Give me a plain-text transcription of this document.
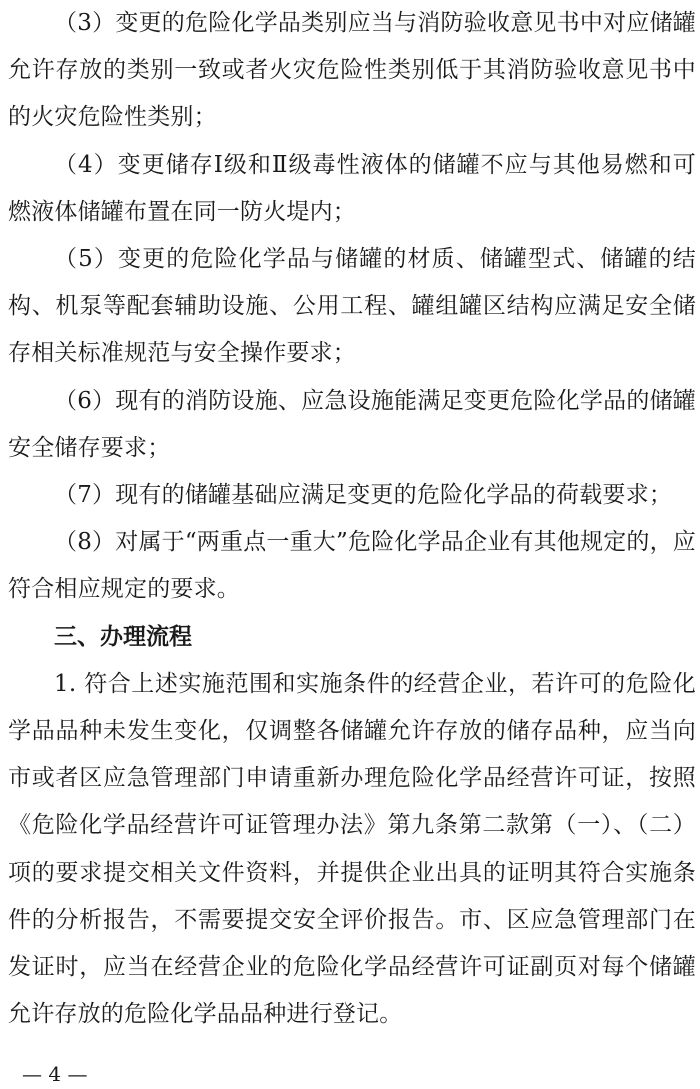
（3）变更的危险化学品类别应当与消防验收意见书中对应储罐允许存放的类别一致或者火灾危险性类别低于其消防验收意见书中的火灾危险性类别；

（4）变更储存Ⅰ级和Ⅱ级毒性液体的储罐不应与其他易燃和可燃液体储罐布置在同一防火堤内；

（5）变更的危险化学品与储罐的材质、储罐型式、储罐的结构、机泵等配套辅助设施、公用工程、罐组罐区结构应满足安全储存相关标准规范与安全操作要求；

（6）现有的消防设施、应急设施能满足变更危险化学品的储罐安全储存要求；

（7）现有的储罐基础应满足变更的危险化学品的荷载要求；

（8）对属于“两重点一重大”危险化学品企业有其他规定的，应符合相应规定的要求。

三、办理流程

1. 符合上述实施范围和实施条件的经营企业，若许可的危险化学品品种未发生变化，仅调整各储罐允许存放的储存品种，应当向市或者区应急管理部门申请重新办理危险化学品经营许可证，按照《危险化学品经营许可证管理办法》第九条第二款第（一）、（二）项的要求提交相关文件资料，并提供企业出具的证明其符合实施条件的分析报告，不需要提交安全评价报告。市、区应急管理部门在发证时，应当在经营企业的危险化学品经营许可证副页对每个储罐允许存放的危险化学品品种进行登记。

— 4 —
